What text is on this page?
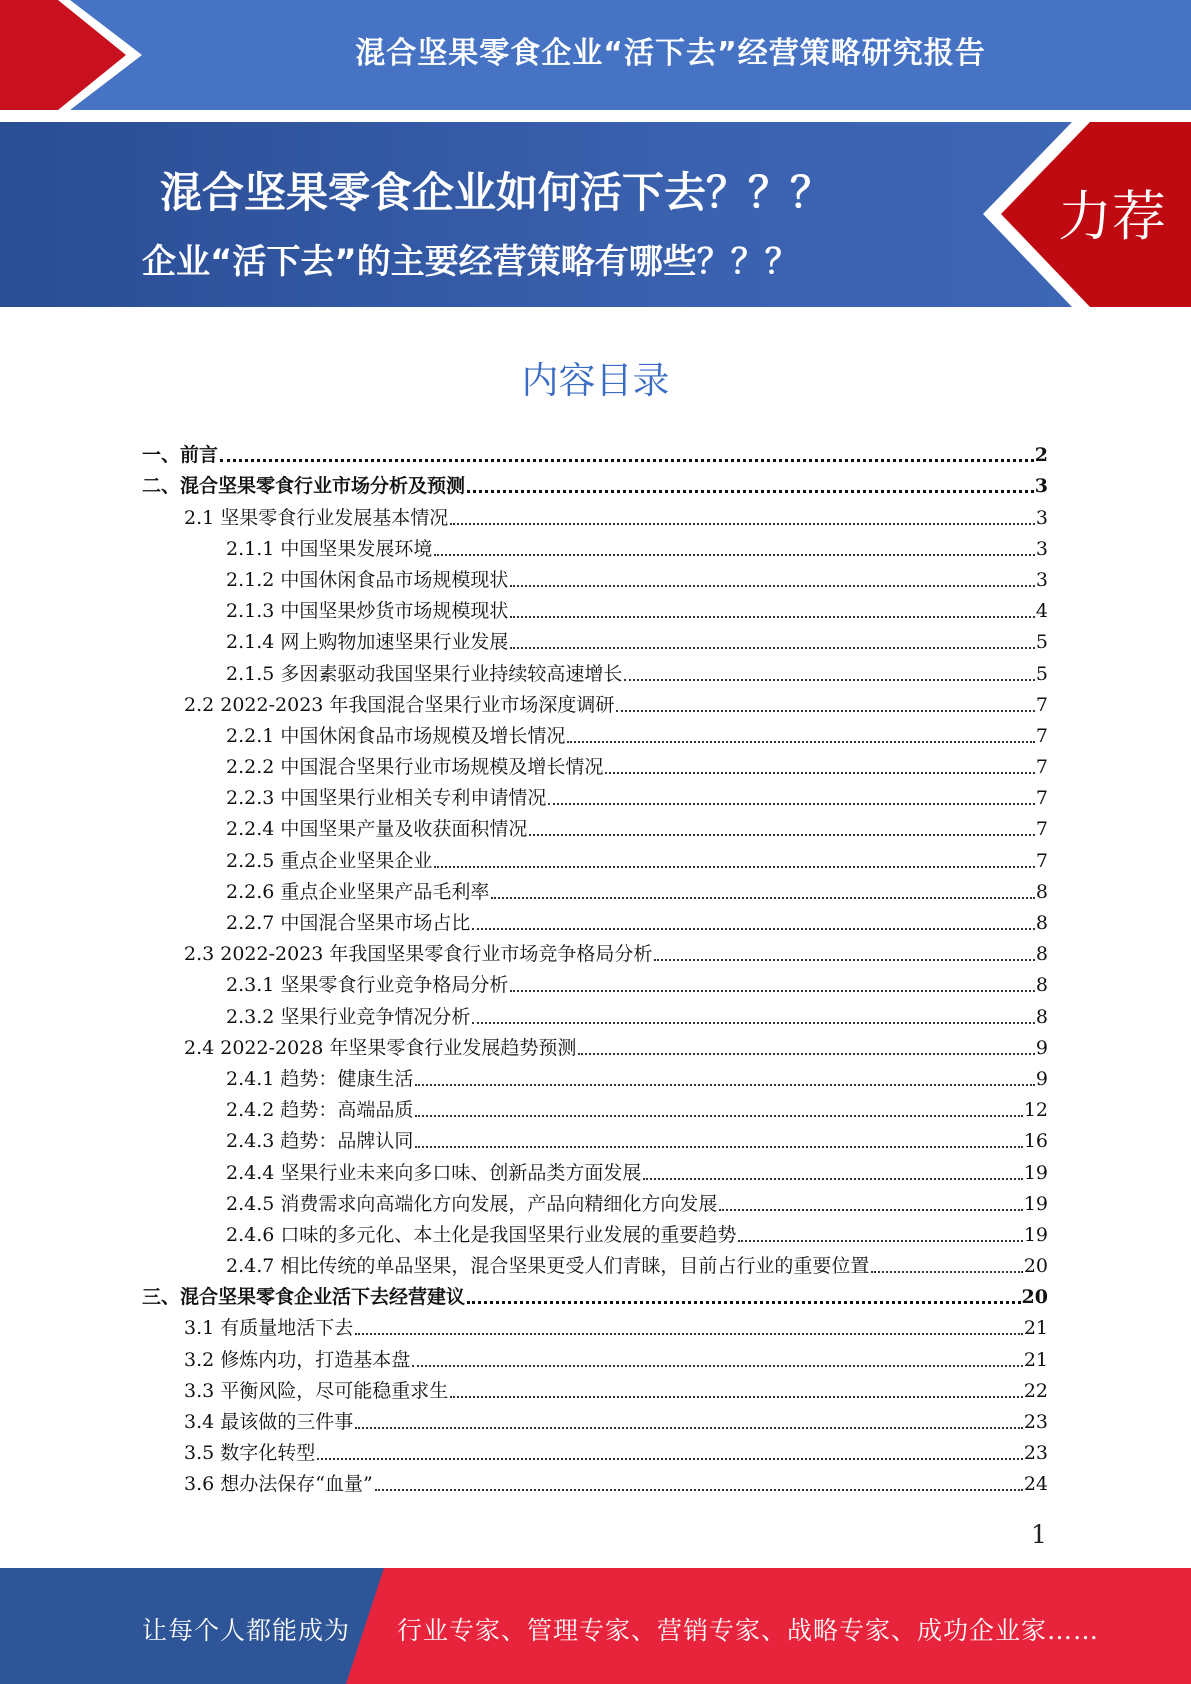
混合坚果零食企业“活下去”经营策略研究报告
混合坚果零食企业如何活下去？？？
企业“活下去”的主要经营策略有哪些？？？
力荐
内容目录
一、前言	2
二、混合坚果零食行业市场分析及预测	3
2.1 坚果零食行业发展基本情况	3
2.1.1 中国坚果发展环境	3
2.1.2 中国休闲食品市场规模现状	3
2.1.3 中国坚果炒货市场规模现状	4
2.1.4 网上购物加速坚果行业发展	5
2.1.5 多因素驱动我国坚果行业持续较高速增长	5
2.2 2022-2023 年我国混合坚果行业市场深度调研	7
2.2.1 中国休闲食品市场规模及增长情况	7
2.2.2 中国混合坚果行业市场规模及增长情况	7
2.2.3 中国坚果行业相关专利申请情况	7
2.2.4 中国坚果产量及收获面积情况	7
2.2.5 重点企业坚果企业	7
2.2.6 重点企业坚果产品毛利率	8
2.2.7 中国混合坚果市场占比	8
2.3 2022-2023 年我国坚果零食行业市场竞争格局分析	8
2.3.1 坚果零食行业竞争格局分析	8
2.3.2 坚果行业竞争情况分析	8
2.4 2022-2028 年坚果零食行业发展趋势预测	9
2.4.1 趋势：健康生活	9
2.4.2 趋势：高端品质	12
2.4.3 趋势：品牌认同	16
2.4.4 坚果行业未来向多口味、创新品类方面发展	19
2.4.5 消费需求向高端化方向发展，产品向精细化方向发展	19
2.4.6 口味的多元化、本土化是我国坚果行业发展的重要趋势	19
2.4.7 相比传统的单品坚果，混合坚果更受人们青睐，目前占行业的重要位置	20
三、混合坚果零食企业活下去经营建议	20
3.1 有质量地活下去	21
3.2 修炼内功，打造基本盘	21
3.3 平衡风险，尽可能稳重求生	22
3.4 最该做的三件事	23
3.5 数字化转型	23
3.6 想办法保存“血量”	24
1
让每个人都能成为 行业专家、管理专家、营销专家、战略专家、成功企业家……
